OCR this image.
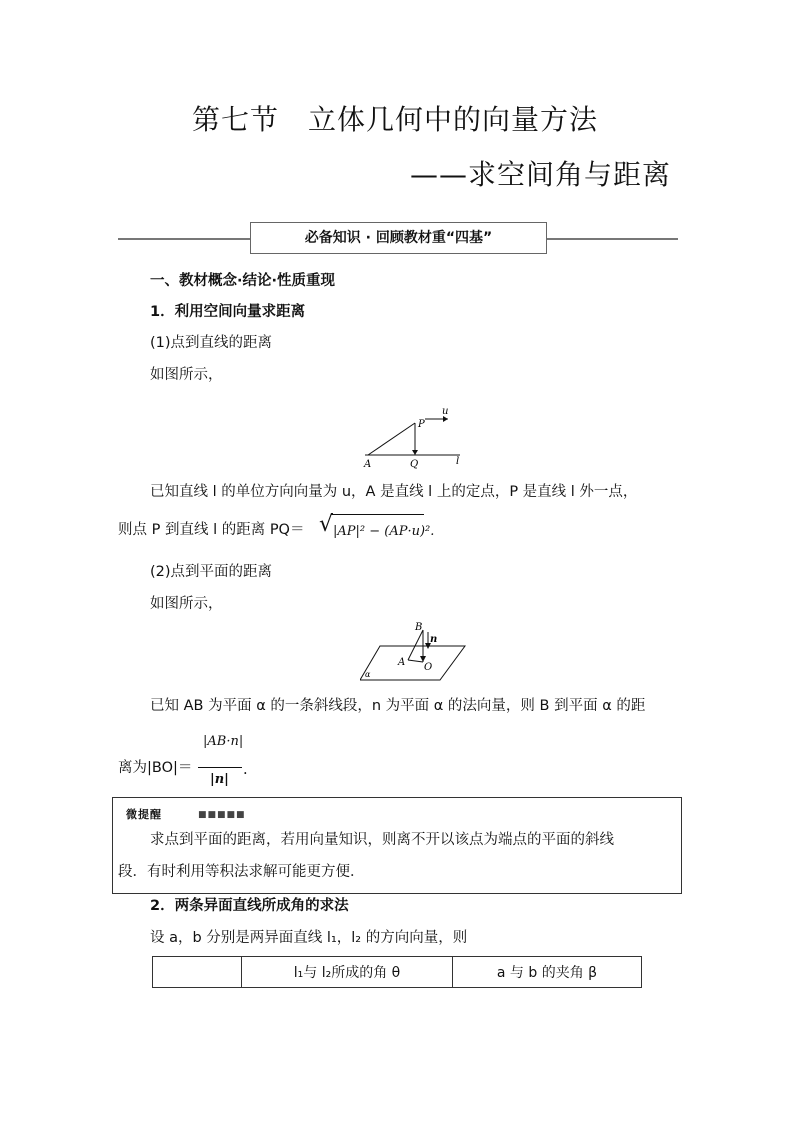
第七节　立体几何中的向量方法
——求空间角与距离
必备知识 · 回顾教材重“四基”
一、教材概念·结论·性质重现
1．利用空间向量求距离
(1)点到直线的距离
如图所示，
u
P
A	Q	l
已知直线 l 的单位方向向量为 u，A 是直线 l 上的定点，P 是直线 l 外一点，
则点 P 到直线 l 的距离 PQ＝ √ |AP|² − (AP·u)².
(2)点到平面的距离
如图所示，
B
n
A O
α
已知 AB 为平面 α 的一条斜线段，n 为平面 α 的法向量，则 B 到平面 α 的距
离为|BO|＝
|AB·n|
|n|
.
微提醒	■■■■■
求点到平面的距离，若用向量知识，则离不开以该点为端点的平面的斜线
段．有时利用等积法求解可能更方便．
2．两条异面直线所成角的求法
设 a，b 分别是两异面直线 l₁，l₂ 的方向向量，则
	l₁与 l₂所成的角 θ	a 与 b 的夹角 β
